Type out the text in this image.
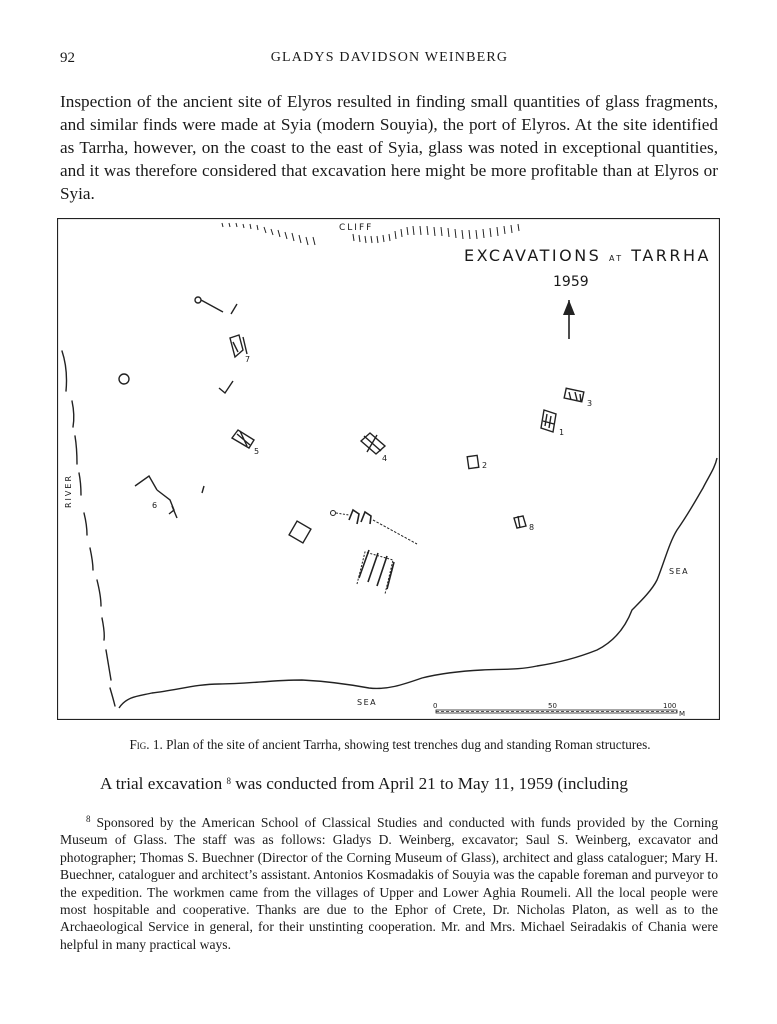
92	GLADYS DAVIDSON WEINBERG

Inspection of the ancient site of Elyros resulted in finding small quantities of glass fragments, and similar finds were made at Syia (modern Souyia), the port of Elyros. At the site identified as Tarrha, however, on the coast to the east of Syia, glass was noted in exceptional quantities, and it was therefore considered that excavation here might be more profitable than at Elyros or Syia.

CLIFF
EXCAVATIONS AT TARRHA
1959
RIVER
SEA
SEA	0	50	100
M
1
2
3
4
5
6
7
8
Fig. 1. Plan of the site of ancient Tarrha, showing test trenches dug and standing Roman structures.

A trial excavation $^8$ was conducted from April 21 to May 11, 1959 (including

$^8$ Sponsored by the American School of Classical Studies and conducted with funds provided by the Corning Museum of Glass. The staff was as follows: Gladys D. Weinberg, excavator; Saul S. Weinberg, excavator and photographer; Thomas S. Buechner (Director of the Corning Museum of Glass), architect and glass cataloguer; Mary H. Buechner, cataloguer and architect’s assistant. Antonios Kosmadakis of Souyia was the capable foreman and purveyor to the expedition. The workmen came from the villages of Upper and Lower Aghia Roumeli. All the local people were most hospitable and cooperative. Thanks are due to the Ephor of Crete, Dr. Nicholas Platon, as well as to the Archaeological Service in general, for their unstinting cooperation. Mr. and Mrs. Michael Seiradakis of Chania were helpful in many practical ways.
